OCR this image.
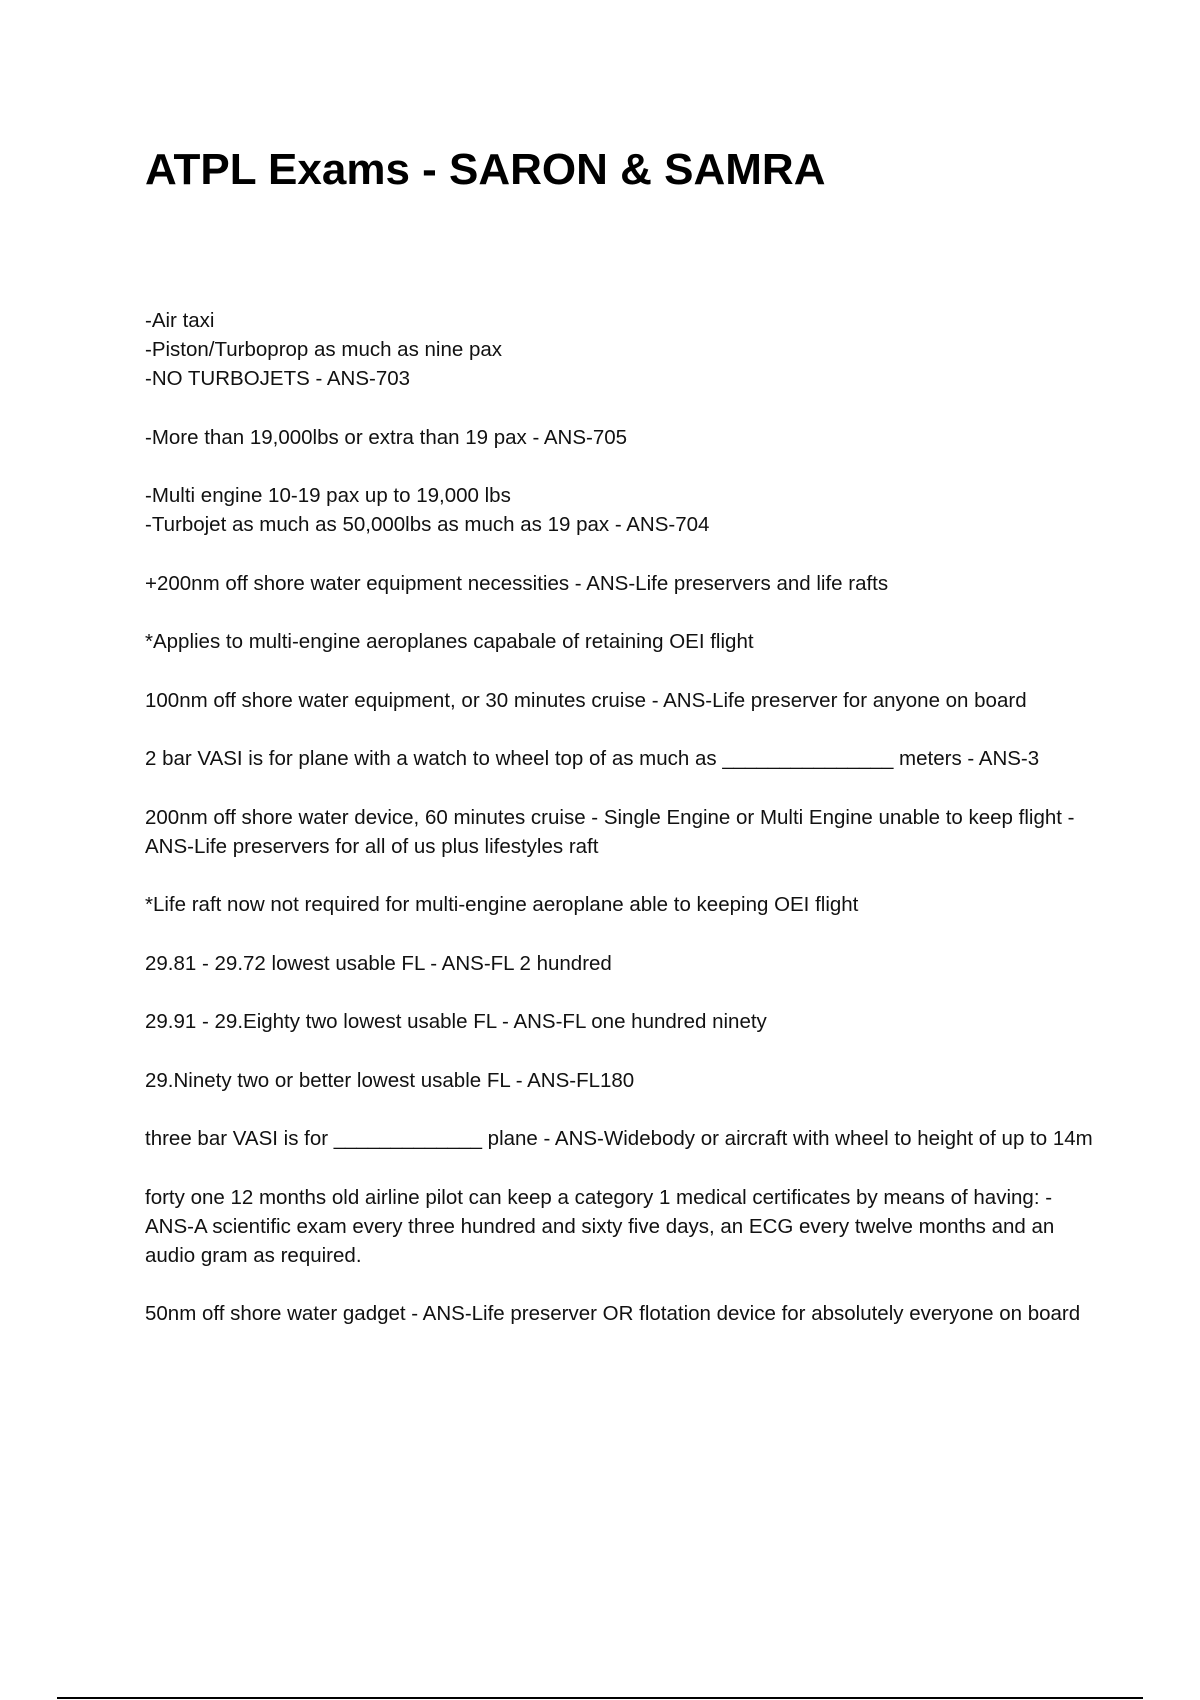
ATPL Exams - SARON & SAMRA

-Air taxi
-Piston/Turboprop as much as nine pax
-NO TURBOJETS - ANS-703

-More than 19,000lbs or extra than 19 pax - ANS-705

-Multi engine 10-19 pax up to 19,000 lbs
-Turbojet as much as 50,000lbs as much as 19 pax - ANS-704

+200nm off shore water equipment necessities - ANS-Life preservers and life rafts

*Applies to multi-engine aeroplanes capabale of retaining OEI flight

100nm off shore water equipment, or 30 minutes cruise - ANS-Life preserver for anyone on board

2 bar VASI is for plane with a watch to wheel top of as much as _______________ meters - ANS-3

200nm off shore water device, 60 minutes cruise - Single Engine or Multi Engine unable to keep flight - ANS-Life preservers for all of us plus lifestyles raft

*Life raft now not required for multi-engine aeroplane able to keeping OEI flight

29.81 - 29.72 lowest usable FL - ANS-FL 2 hundred

29.91 - 29.Eighty two lowest usable FL - ANS-FL one hundred ninety

29.Ninety two or better lowest usable FL - ANS-FL180

three bar VASI is for _____________ plane - ANS-Widebody or aircraft with wheel to height of up to 14m

forty one 12 months old airline pilot can keep a category 1 medical certificates by means of having: - ANS-A scientific exam every three hundred and sixty five days, an ECG every twelve months and an audio gram as required.

50nm off shore water gadget - ANS-Life preserver OR flotation device for absolutely everyone on board
